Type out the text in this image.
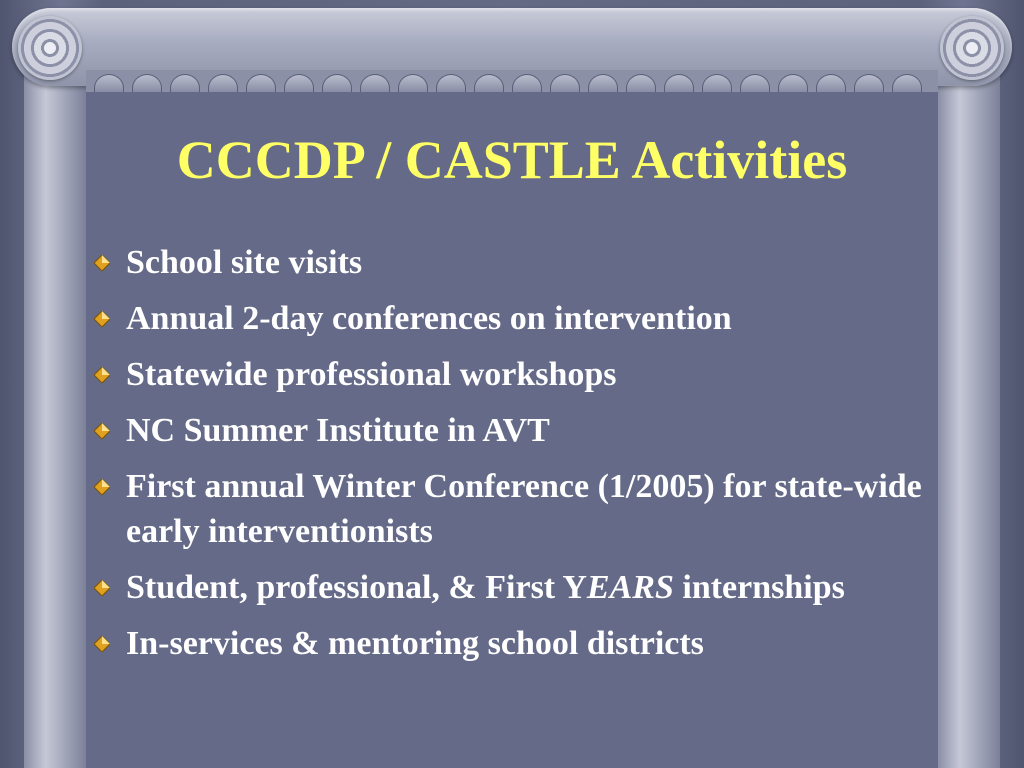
CCCDP / CASTLE Activities
School site visits
Annual 2-day conferences on intervention
Statewide professional workshops
NC Summer Institute in AVT
First annual Winter Conference (1/2005) for state-wide early interventionists
Student, professional, & First YEARS internships
In-services & mentoring school districts
